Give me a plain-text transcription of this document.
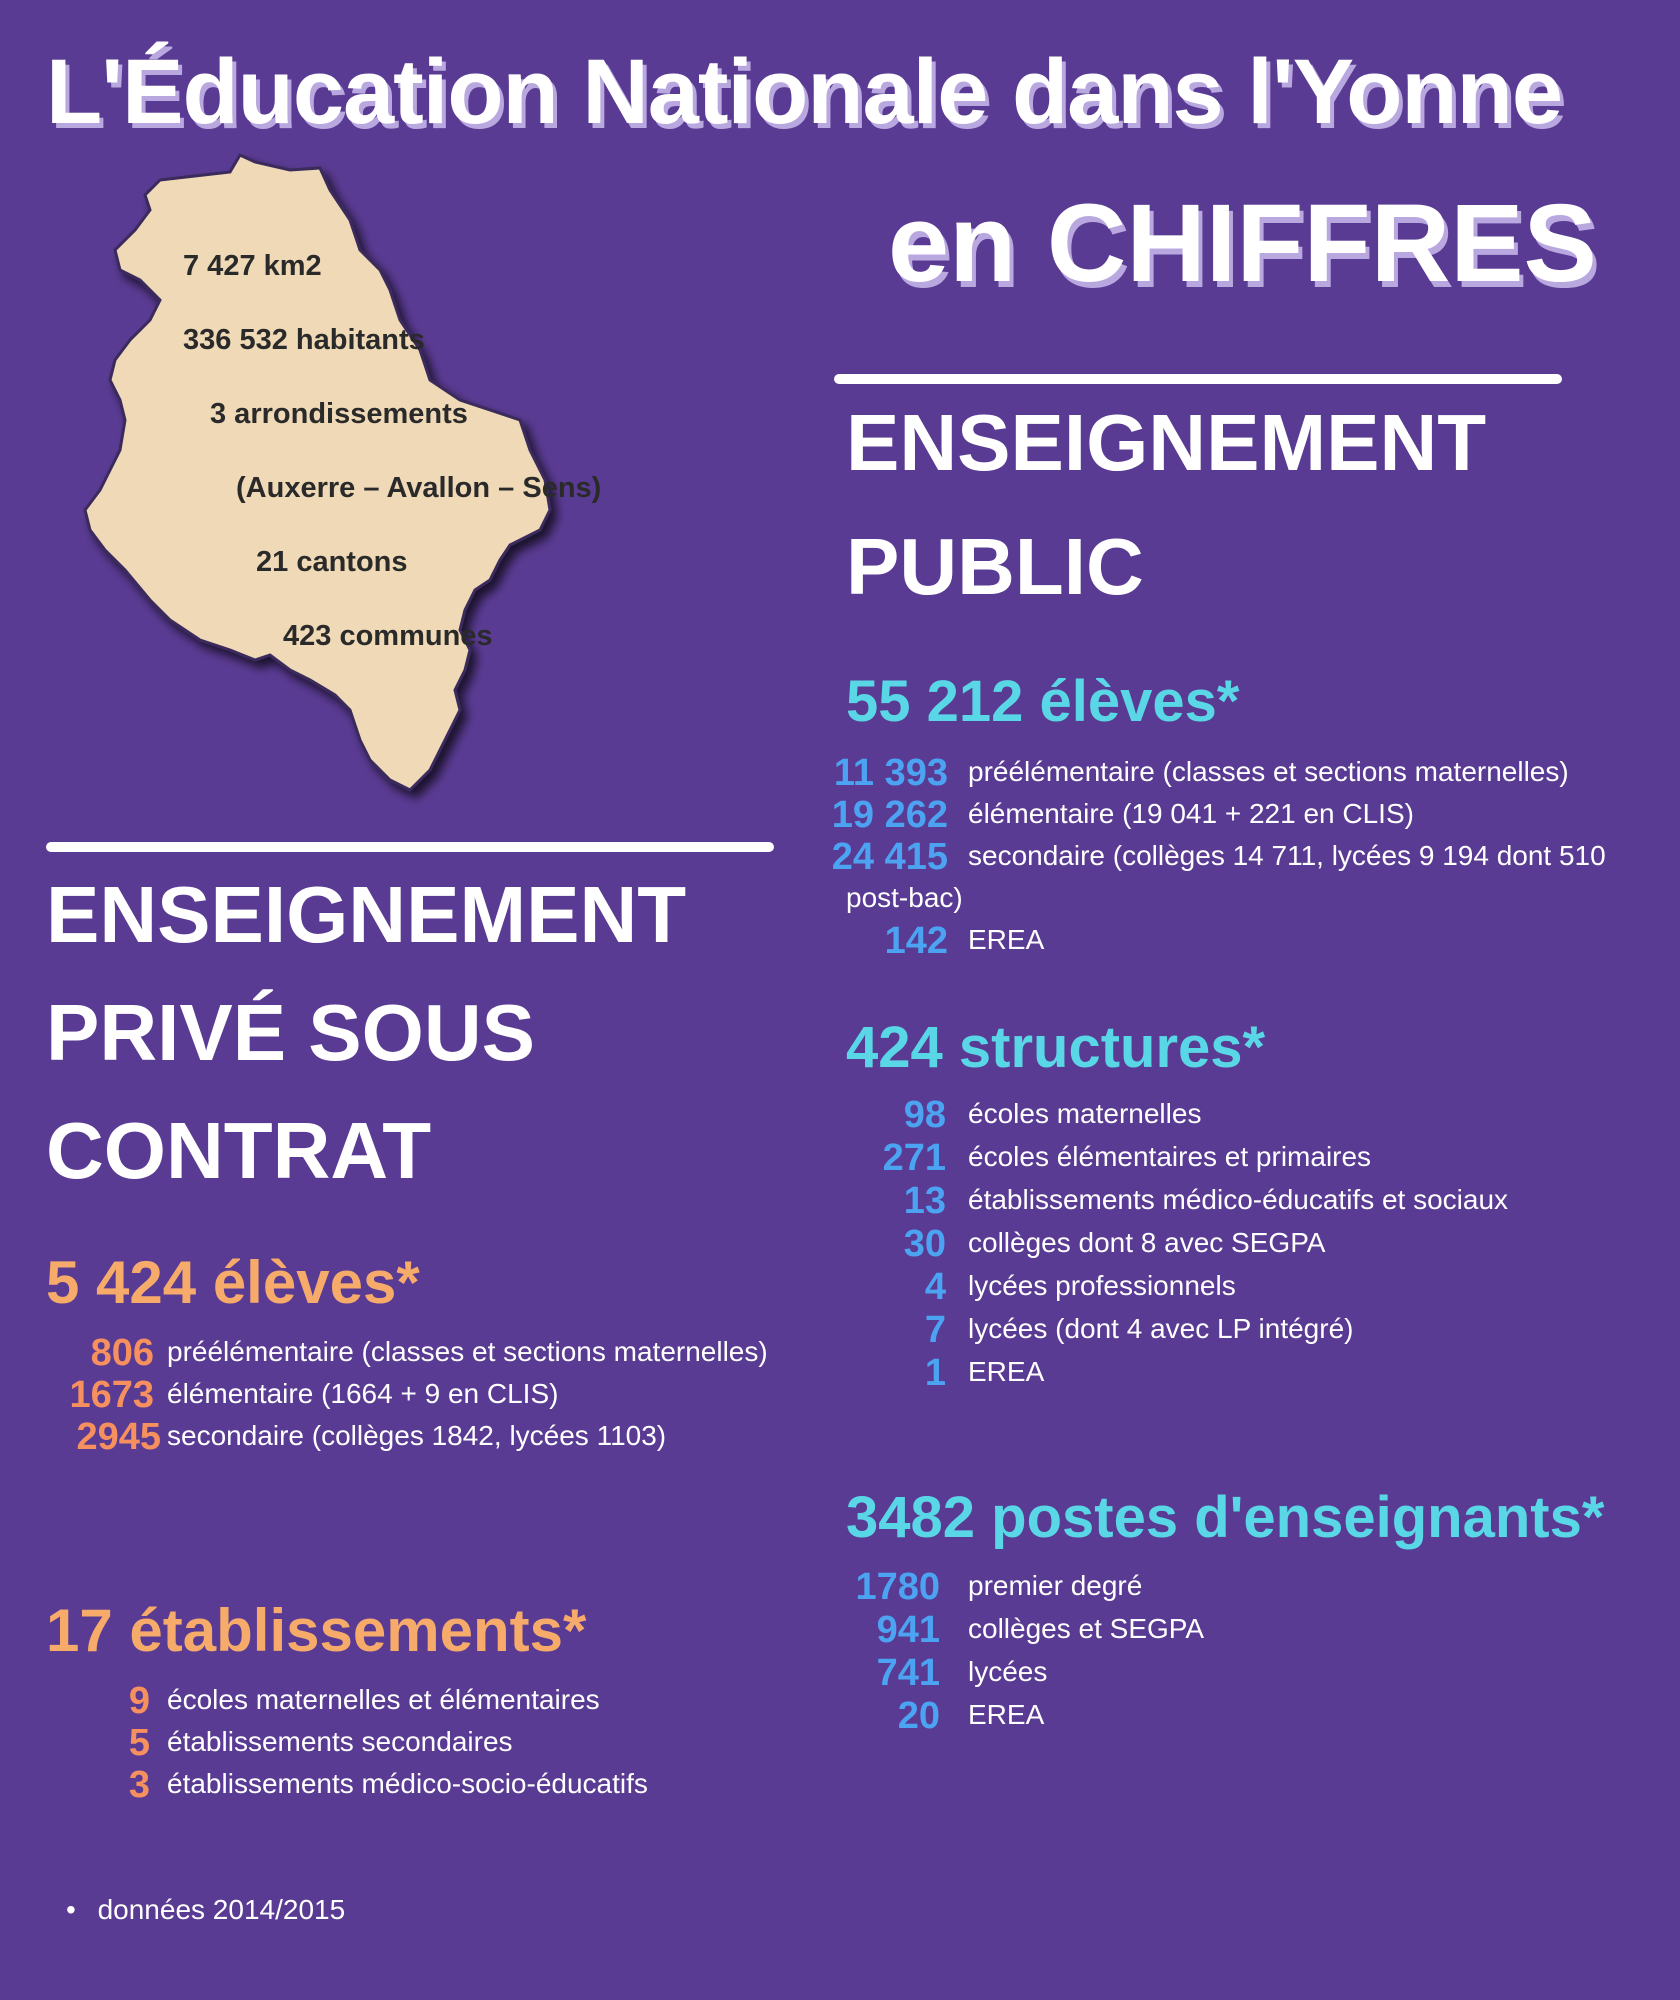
L'Éducation Nationale dans l'Yonne
en CHIFFRES
7 427 km2
336 532 habitants
3 arrondissements
(Auxerre – Avallon – Sens)
21 cantons
423 communes
ENSEIGNEMENT
PUBLIC
55 212 élèves*
11 393 préélémentaire (classes et sections maternelles)
19 262 élémentaire (19 041 + 221 en CLIS)
24 415 secondaire (collèges 14 711, lycées 9 194 dont 510
post-bac)
142 EREA
424 structures*
98 écoles maternelles
271 écoles élémentaires et primaires
13 établissements médico-éducatifs et sociaux
30 collèges dont 8 avec SEGPA
4 lycées professionnels
7 lycées (dont 4 avec LP intégré)
1 EREA
3482 postes d'enseignants*
1780 premier degré
941 collèges et SEGPA
741 lycées
20 EREA
ENSEIGNEMENT
PRIVÉ SOUS
CONTRAT
5 424 élèves*
806 préélémentaire (classes et sections maternelles)
1673 élémentaire (1664 + 9 en CLIS)
2945 secondaire (collèges 1842, lycées 1103)
17 établissements*
9 écoles maternelles et élémentaires
5 établissements secondaires
3 établissements médico-socio-éducatifs
• données 2014/2015
